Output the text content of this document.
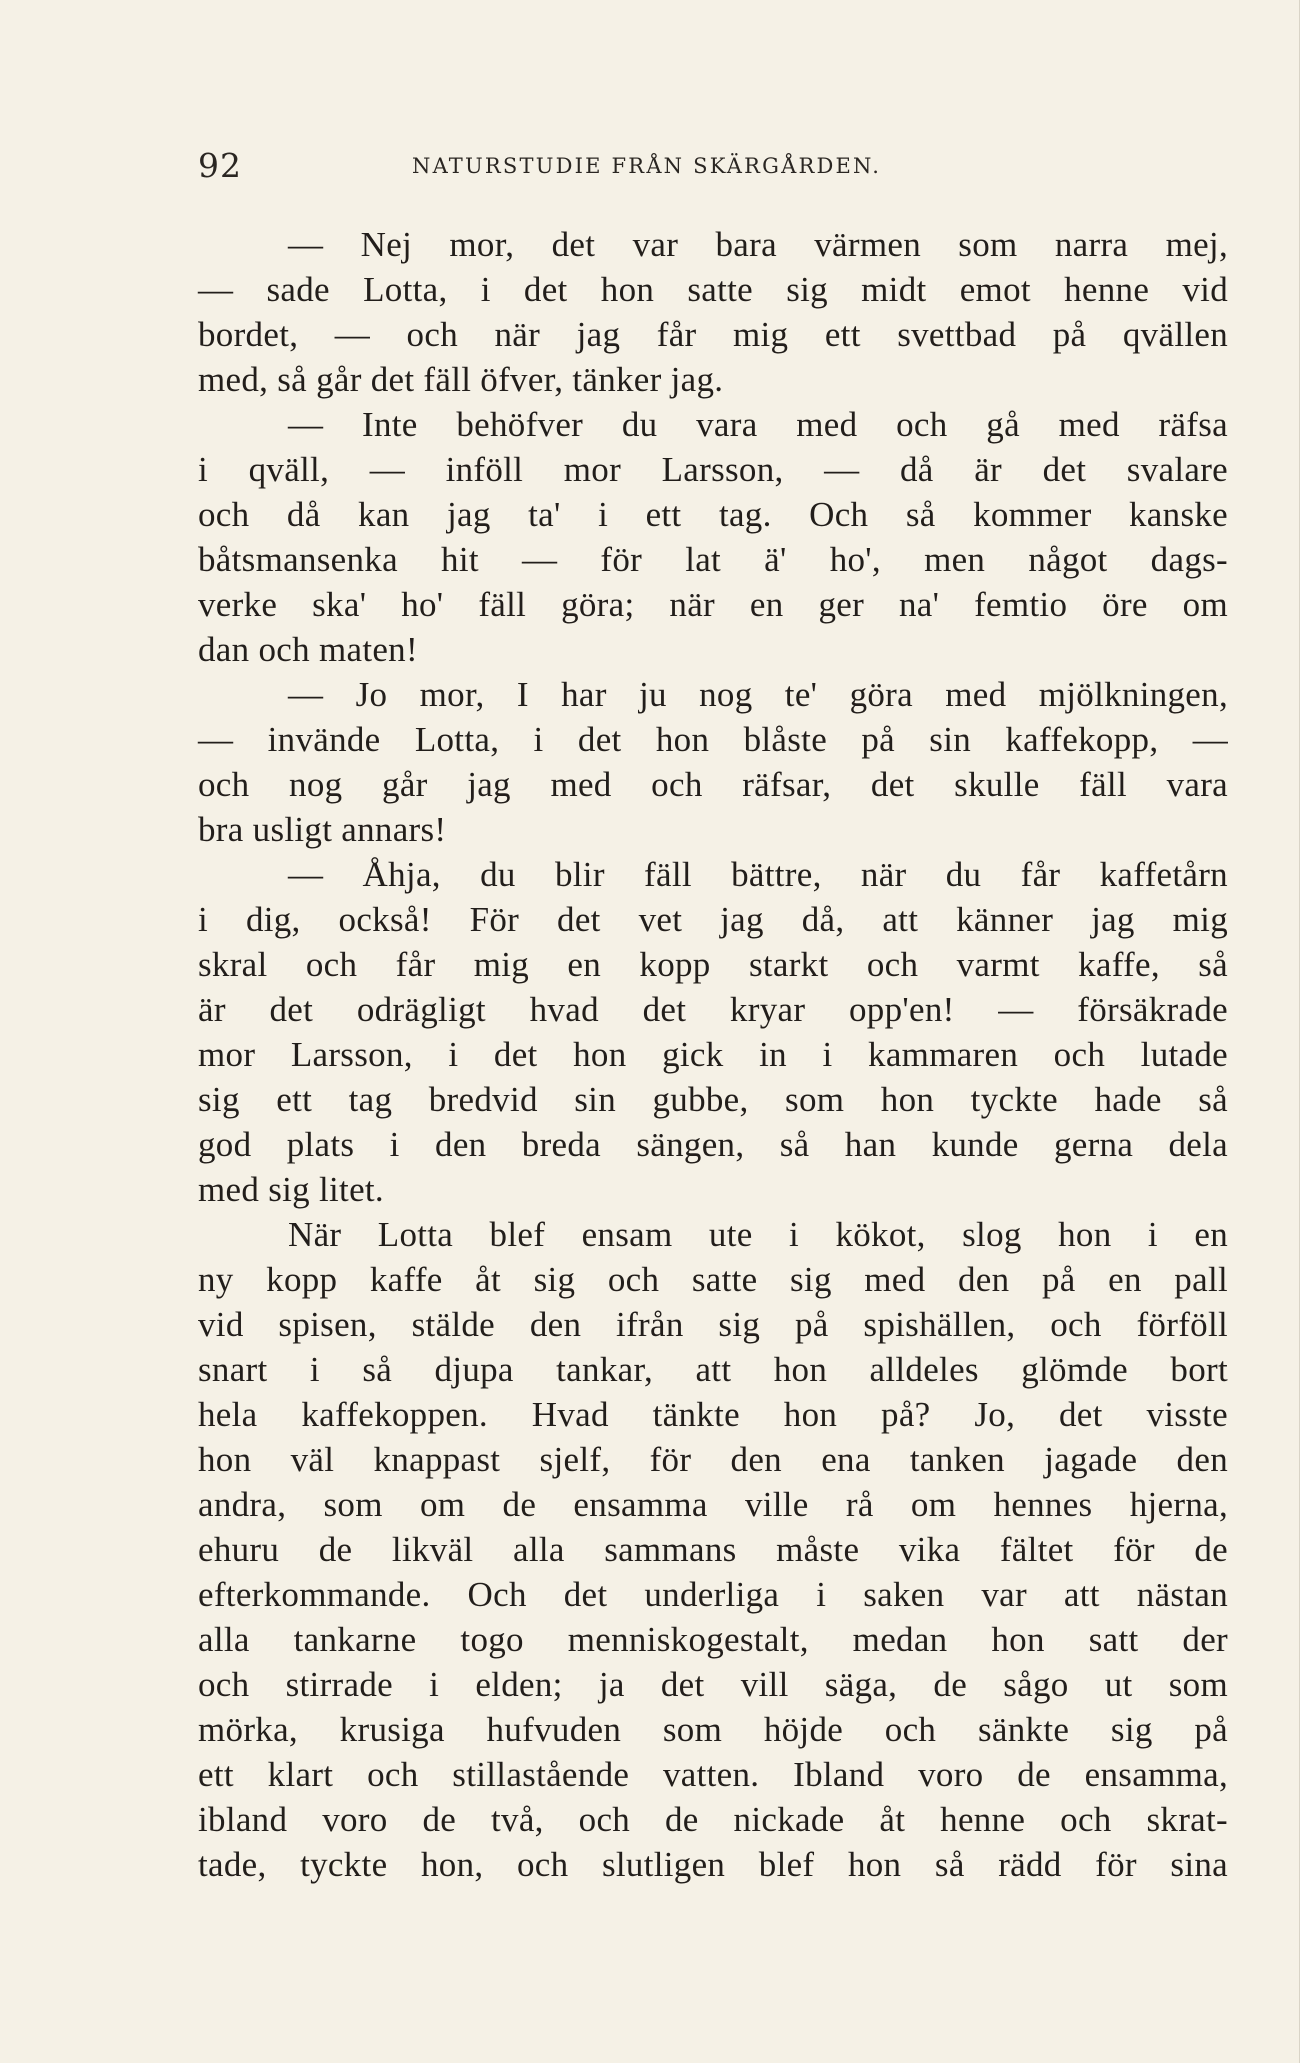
92	NATURSTUDIE FRÅN SKÄRGÅRDEN.
— Nej mor, det var bara värmen som narra mej,
— sade Lotta, i det hon satte sig midt emot henne vid
bordet, — och när jag får mig ett svettbad på qvällen
med, så går det fäll öfver, tänker jag.
— Inte behöfver du vara med och gå med räfsa
i qväll, — inföll mor Larsson, — då är det svalare
och då kan jag ta' i ett tag. Och så kommer kanske
båtsmansenka hit — för lat ä' ho', men något dags-
verke ska' ho' fäll göra; när en ger na' femtio öre om
dan och maten!
— Jo mor, I har ju nog te' göra med mjölkningen,
— invände Lotta, i det hon blåste på sin kaffekopp, —
och nog går jag med och räfsar, det skulle fäll vara
bra usligt annars!
— Åhja, du blir fäll bättre, när du får kaffetårn
i dig, också! För det vet jag då, att känner jag mig
skral och får mig en kopp starkt och varmt kaffe, så
är det odrägligt hvad det kryar opp'en! — försäkrade
mor Larsson, i det hon gick in i kammaren och lutade
sig ett tag bredvid sin gubbe, som hon tyckte hade så
god plats i den breda sängen, så han kunde gerna dela
med sig litet.
När Lotta blef ensam ute i kökot, slog hon i en
ny kopp kaffe åt sig och satte sig med den på en pall
vid spisen, stälde den ifrån sig på spishällen, och förföll
snart i så djupa tankar, att hon alldeles glömde bort
hela kaffekoppen. Hvad tänkte hon på? Jo, det visste
hon väl knappast sjelf, för den ena tanken jagade den
andra, som om de ensamma ville rå om hennes hjerna,
ehuru de likväl alla sammans måste vika fältet för de
efterkommande. Och det underliga i saken var att nästan
alla tankarne togo menniskogestalt, medan hon satt der
och stirrade i elden; ja det vill säga, de sågo ut som
mörka, krusiga hufvuden som höjde och sänkte sig på
ett klart och stillastående vatten. Ibland voro de ensamma,
ibland voro de två, och de nickade åt henne och skrat-
tade, tyckte hon, och slutligen blef hon så rädd för sina
